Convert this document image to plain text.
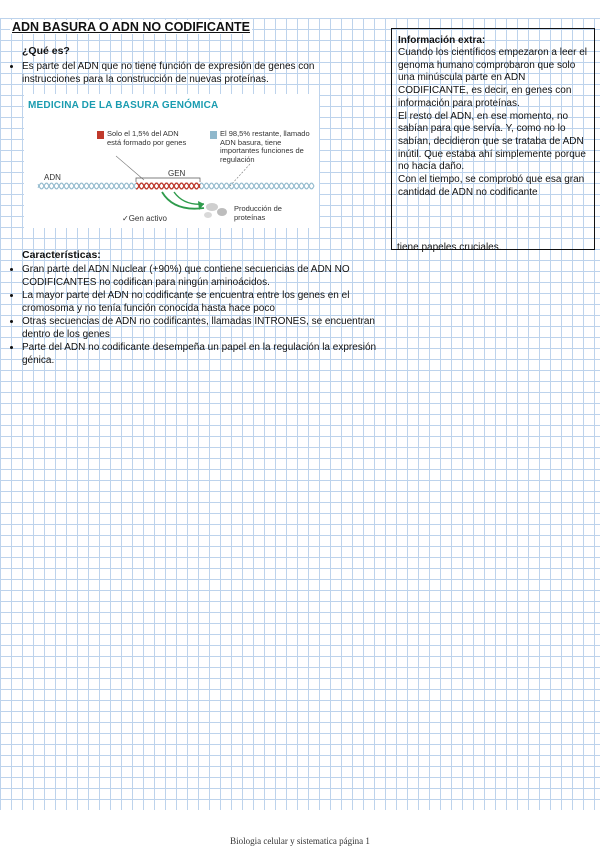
ADN BASURA O ADN NO CODIFICANTE
¿Qué es?
• Es parte del ADN que no tiene función de expresión de genes con instrucciones para la construcción de nuevas proteínas.
MEDICINA DE LA BASURA GENÓMICA
Solo el 1,5% del ADN está formado por genes
El 98,5% restante, llamado ADN basura, tiene importantes funciones de regulación
ADN	GEN
✓Gen activo
Producción de proteínas
Características:
• Gran parte del ADN Nuclear (+90%) que contiene secuencias de ADN NO CODIFICANTES no codifican para ningún aminoácidos.
• La mayor parte del ADN no codificante se encuentra entre los genes en el cromosoma y no tenía función conocida hasta hace poco
• Otras secuencias de ADN no codificantes, llamadas INTRONES, se encuentran dentro de los genes
• Parte del ADN no codificante desempeña un papel en la regulación la expresión génica.

Información extra:

Cuando los científicos empezaron a leer el genoma humano comprobaron que solo una minúscula parte en ADN CODIFICANTE, es decir, en genes con información para proteínas.
El resto del ADN, en ese momento, no sabían para que servía. Y, como no lo sabían, decidieron que se trataba de ADN inútil. Que estaba ahí simplemente porque no hacía daño.
Con el tiempo, se comprobó que esa gran cantidad de ADN no codificante

tiene papeles cruciales.
Biologia celular y sistematica página 1
